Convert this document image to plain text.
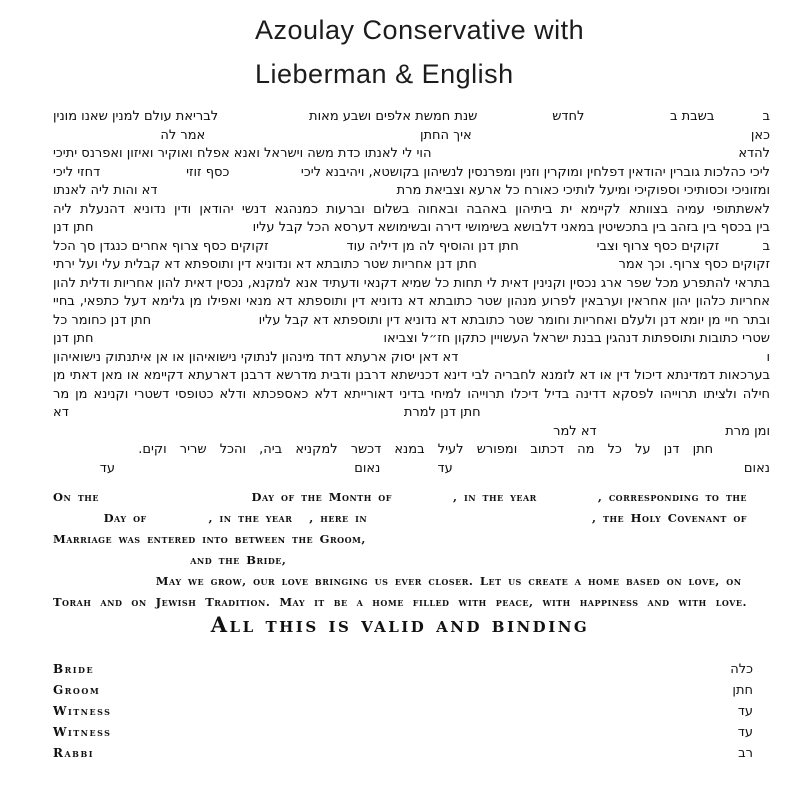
Azoulay Conservative with
Lieberman & English
ב
בשבת ב
לחדש
שנת חמשת אלפים ושבע מאות
לבריאת עולם למנין שאנו מונין
כאן
איך החתן
אמר לה
להדא
הוי לי לאנתו כדת משה וישראל ואנא אפלח ואוקיר ואיזון ואפרנס יתיכי
ליכי כהלכות גוברין יהודאין דפלחין ומוקרין וזנין ומפרנסין לנשיהון בקושטא, ויהיבנא ליכי
כסף זוזי
דחזי ליכי
ומזוניכי וכסותיכי וספוקיכי ומיעל לותיכי כאורח כל ארעא וצביאת מרת
דא והות ליה לאנתו
לאשתתופי עמיה בצוותא לקיימא ית ביתיהון באהבה ובאחוה בשלום וברעות כמנהגא דנשי יהודאן ודין נדוניא דהנעלת ליה
בין בכסף בין בזהב בין בתכשיטין במאני דלבושא בשימושי דירה ובשימושא דערסא הכל קבל עליו
חתן דנן
ב
זקוקים כסף צרוף וצבי
חתן דנן והוסיף לה מן דיליה עוד
זקוקים כסף צרוף אחרים כנגדן סך הכל
זקוקים כסף צרוף. וכך אמר
חתן דנן אחריות שטר כתובתא דא ונדוניא דין ותוספתא דא קבלית עלי ועל ירתי
בתראי להתפרע מכל שפר ארג נכסין וקנינין דאית לי תחות כל שמיא דקנאי ודעתיד אנא למקנא, נכסין דאית להון אחריות ודלית להון
אחריות כלהון יהון אחראין וערבאין לפרוע מנהון שטר כתובתא דא נדוניא דין ותוספתא דא מנאי ואפילו מן גלימא דעל כתפאי, בחיי
ובתר חיי מן יומא דנן ולעלם ואחריות וחומר שטר כתובתא דא נדוניא דין ותוספתא דא קבל עליו
חתן דנן כחומר כל
שטרי כתובות ותוספתות דנהגין בבנת ישראל העשויין כתקון חז״ל וצביאו
חתן דנן
ו
דא דאן יסוק ארעתא דחד מינהון לנתוקי נישואיהון או אן איתנתוק נישואיהון
בערכאות דמדינתא דיכול דין או דא לזמנא לחבריה לבי דינא דכנישתא דרבנן ודבית מדרשא דרבנן דארעתא דקיימא או מאן דאתי מן
חילה ולציתו תרוייהו לפסקא דדינה בדיל דיכלו תרוייהו למיחי בדיני דאורייתא דלא כאספכתא ודלא כטופסי דשטרי וקנינא מן מר
חתן דנן למרת
דא
ומן מרת
דא למר
חתן דנן על כל מה דכתוב ומפורש לעיל במנא דכשר למקניא ביה, והכל שריר וקים.
נאום
עד
נאום
עד
On the	Day of the Month of	, in the year	, corresponding to the
Day of	, in the year , here in	, the Holy Covenant of
Marriage was entered into between the Groom,
and the Bride,
May we grow, our love bringing us ever closer. Let us create a home based on love, on
Torah and on Jewish Tradition. May it be a home filled with peace, with happiness and with love.
All this is valid and binding
Bride	כלה
Groom	חתן
Witness	עד
Witness	עד
Rabbi	רב
